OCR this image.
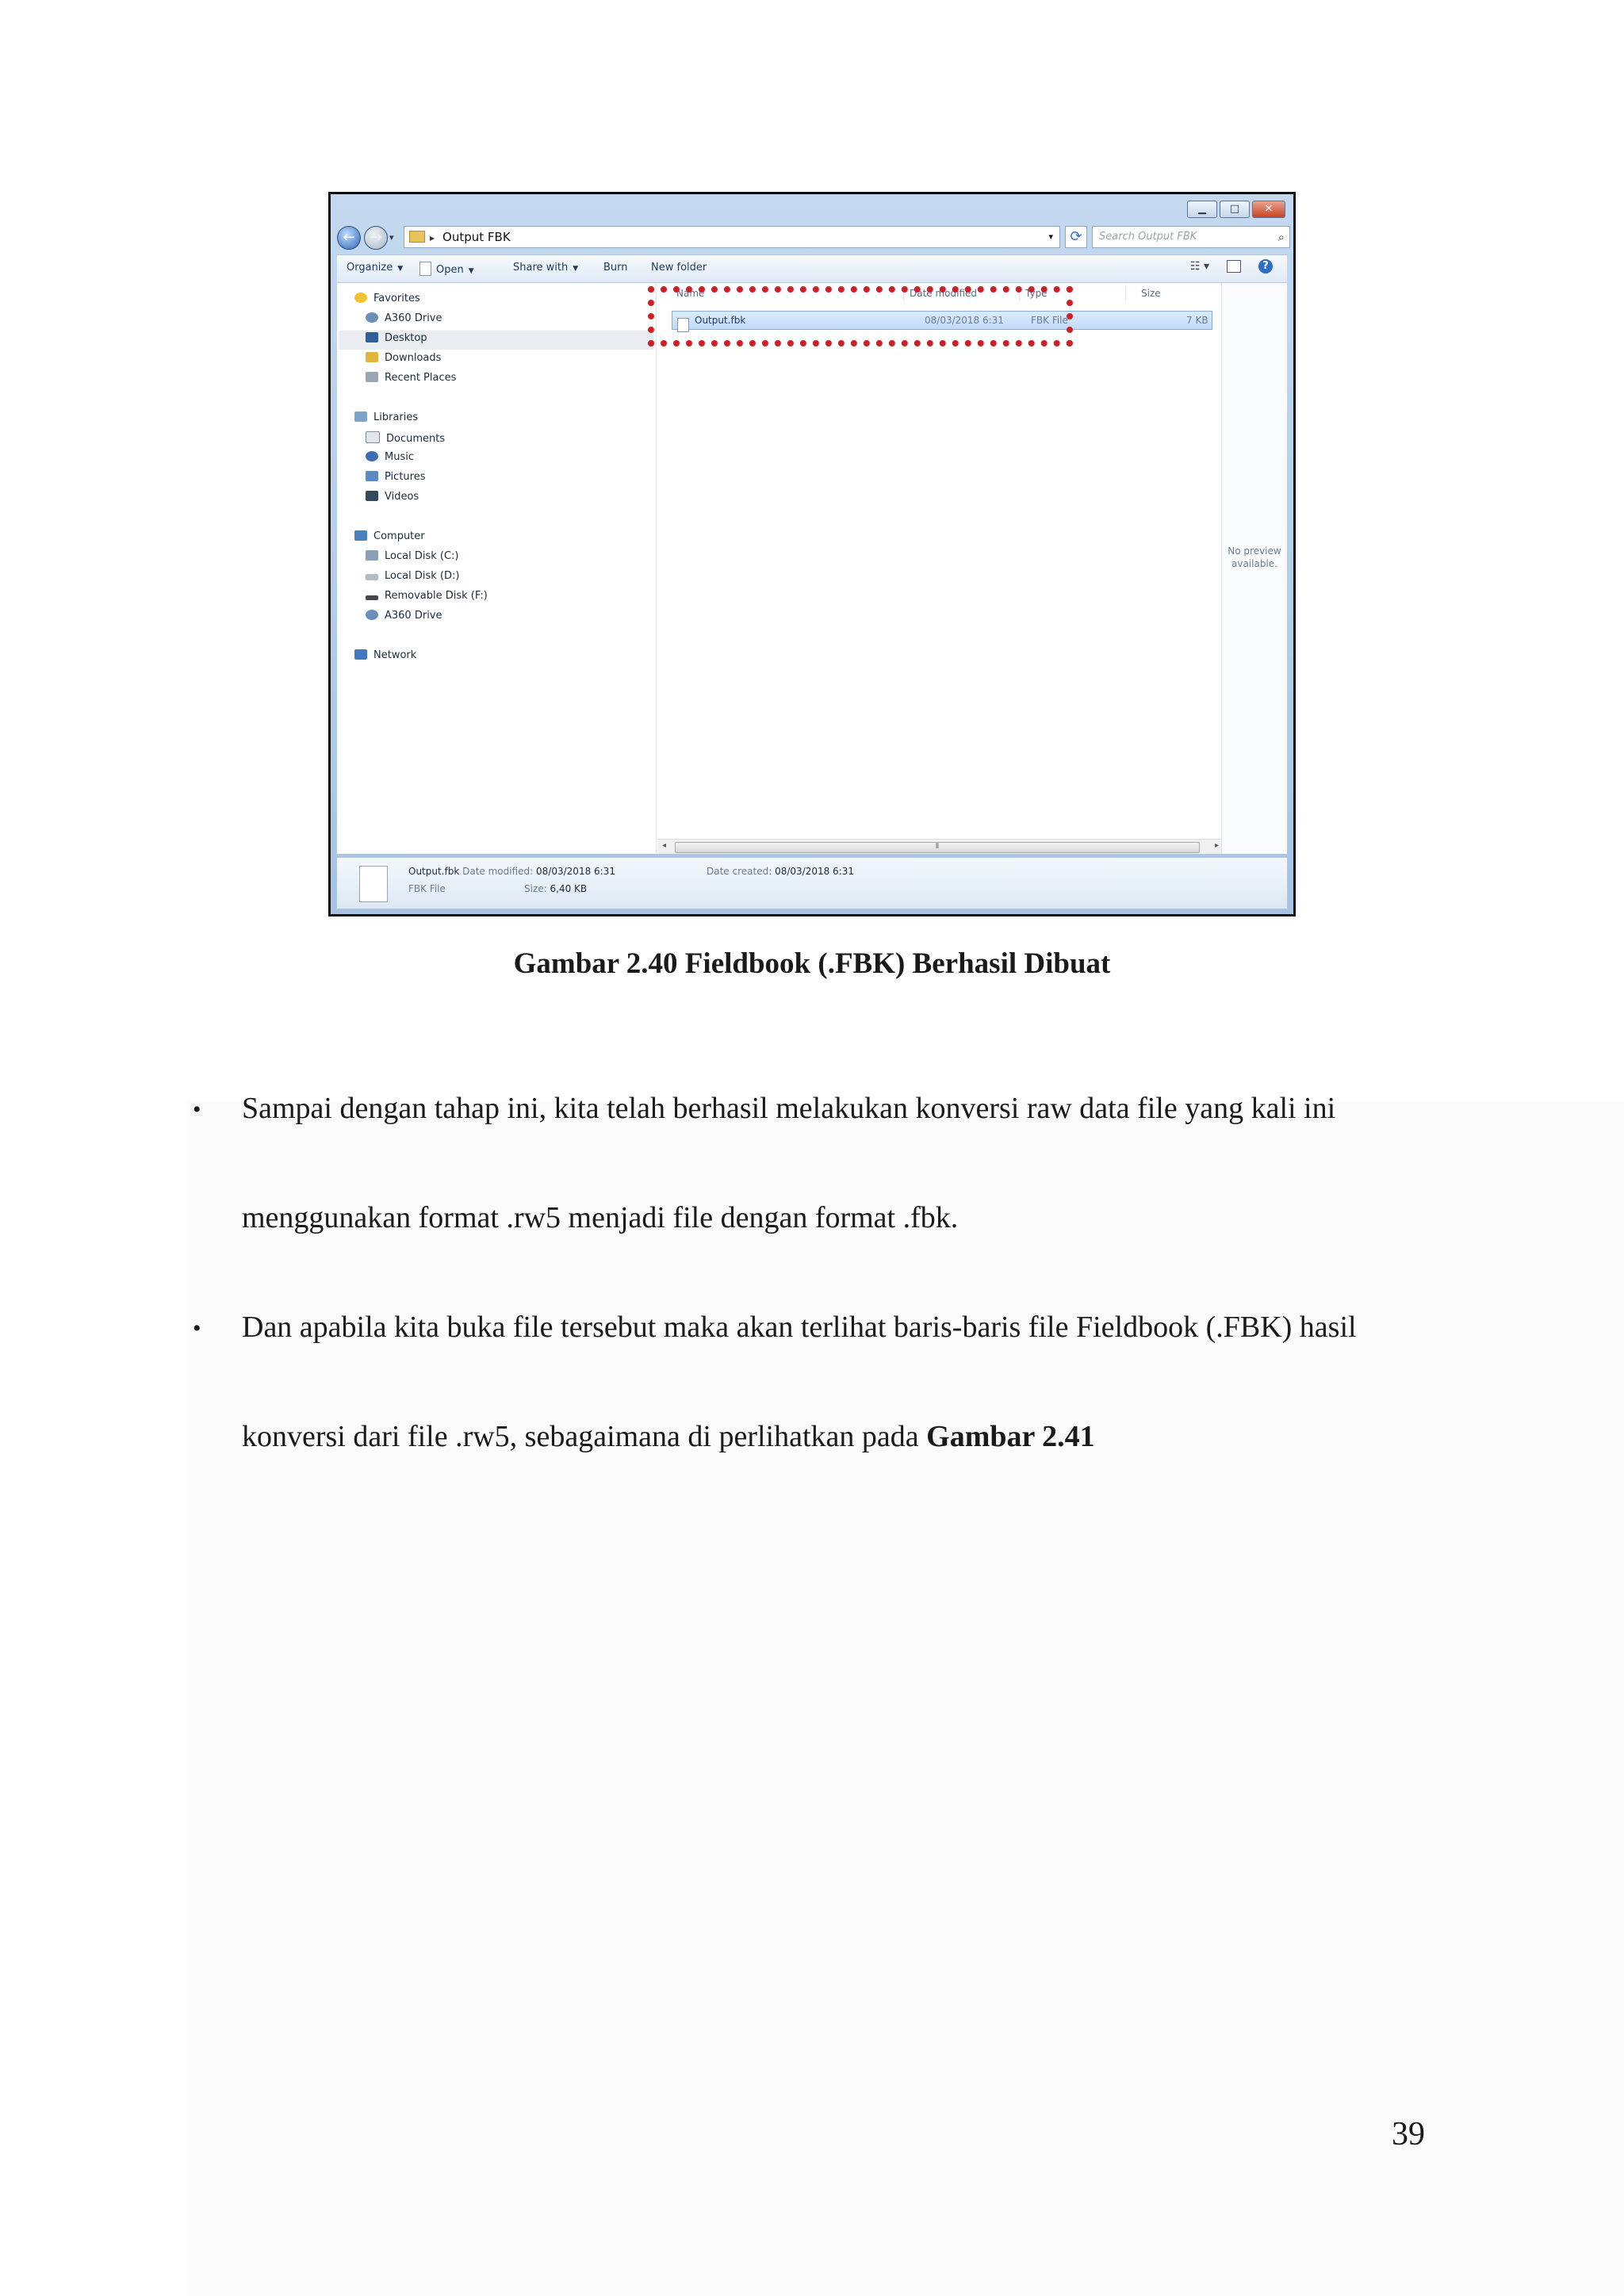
▁	□	✕
←	→ ▾	▸ Output FBK	▾	⟳	Search Output FBK	⌕
Organize ▼	Open ▼	Share with ▼ Burn New folder	☷ ▾	?
Favorites
A360 Drive
Desktop
Downloads
Recent Places
Libraries
Documents
Music
Pictures
Videos
Computer
Local Disk (C:)
Local Disk (D:)
Removable Disk (F:)
A360 Drive
Network
Name	Date modified	Type	Size
Output.fbk	08/03/2018 6:31	FBK File	7 KB
◂	⦀	▸
No preview
available.
Output.fbk Date modified: 08/03/2018 6:31	Date created: 08/03/2018 6:31
FBK File	Size: 6,40 KB
Gambar 2.40 Fieldbook (.FBK) Berhasil Dibuat
• Sampai dengan tahap ini, kita telah berhasil melakukan konversi raw data file yang kali ini
menggunakan format .rw5 menjadi file dengan format .fbk.
• Dan apabila kita buka file tersebut maka akan terlihat baris-baris file Fieldbook (.FBK) hasil
konversi dari file .rw5, sebagaimana di perlihatkan pada Gambar 2.41
39
